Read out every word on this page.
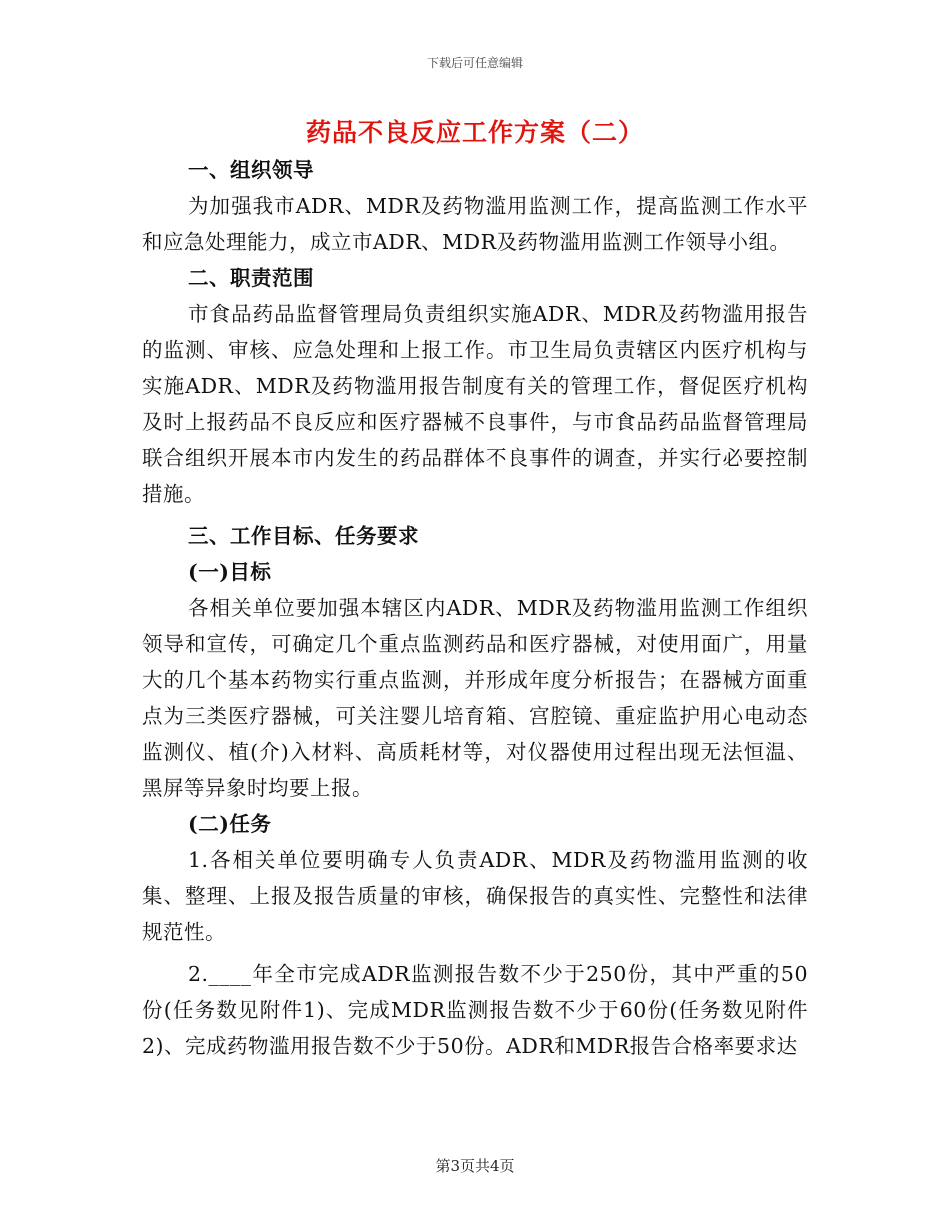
下载后可任意编辑
药品不良反应工作方案（二）

一、组织领导

为加强我市ADR、MDR及药物滥用监测工作，提高监测工作水平和应急处理能力，成立市ADR、MDR及药物滥用监测工作领导小组。

二、职责范围

市食品药品监督管理局负责组织实施ADR、MDR及药物滥用报告的监测、审核、应急处理和上报工作。市卫生局负责辖区内医疗机构与实施ADR、MDR及药物滥用报告制度有关的管理工作，督促医疗机构及时上报药品不良反应和医疗器械不良事件，与市食品药品监督管理局联合组织开展本市内发生的药品群体不良事件的调查，并实行必要控制措施。

三、工作目标、任务要求

(一)目标

各相关单位要加强本辖区内ADR、MDR及药物滥用监测工作组织领导和宣传，可确定几个重点监测药品和医疗器械，对使用面广，用量大的几个基本药物实行重点监测，并形成年度分析报告；在器械方面重点为三类医疗器械，可关注婴儿培育箱、宫腔镜、重症监护用心电动态监测仪、植(介)入材料、高质耗材等，对仪器使用过程出现无法恒温、黑屏等异象时均要上报。

(二)任务

1.各相关单位要明确专人负责ADR、MDR及药物滥用监测的收集、整理、上报及报告质量的审核，确保报告的真实性、完整性和法律规范性。

2.____年全市完成ADR监测报告数不少于250份，其中严重的50份(任务数见附件1)、完成MDR监测报告数不少于60份(任务数见附件2)、完成药物滥用报告数不少于50份。ADR和MDR报告合格率要求达

第3页共4页
